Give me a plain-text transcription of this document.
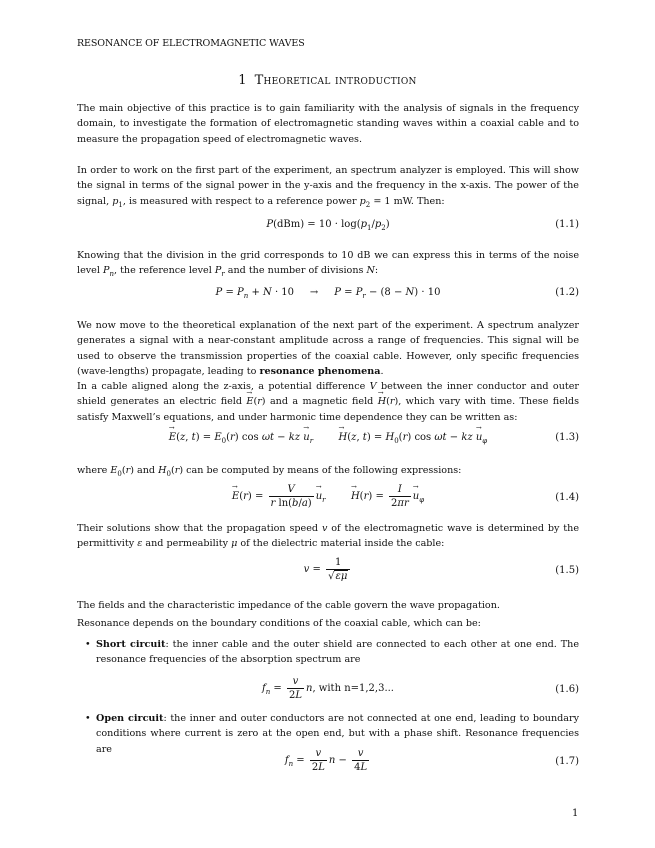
RESONANCE OF ELECTROMAGNETIC WAVES
1 Theoretical introduction

The main objective of this practice is to gain familiarity with the analysis of signals in the frequency domain, to investigate the formation of electromagnetic standing waves within a coaxial cable and to measure the propagation speed of electromagnetic waves.

In order to work on the first part of the experiment, an spectrum analyzer is employed. This will show the signal in terms of the signal power in the y-axis and the frequency in the x-axis. The power of the signal, $p_1$, is measured with respect to a reference power $p_2 = 1$ mW. Then:

$P(dBm) = 10 \cdot \log(p_1/p_2)$	(1.1)

Knowing that the division in the grid corresponds to 10 dB we can express this in terms of the noise level $P_n$, the reference level $P_r$ and the number of divisions N:

$P = P_n + N \cdot 10$     →     $P = P_r - (8 - N) \cdot 10$	(1.2)

We now move to the theoretical explanation of the next part of the experiment. A spectrum analyzer generates a signal with a near-constant amplitude across a range of frequencies. This signal will be used to observe the transmission properties of the coaxial cable. However, only specific frequencies (wave-lengths) propagate, leading to resonance phenomena.

In a cable aligned along the z-axis, a potential difference V between the inner conductor and outer shield generates an electric field → E(r) and a magnetic field → H(r), which vary with time. These fields satisfy Maxwell’s equations, and under harmonic time dependence they can be written as:

→ E(z, $t) = E_0(r)$ cos ωt − kz → $u_r$        →	H(z, $t) = H_0(r)$ cos ωt − kz → $u_\varphi$	(1.3)

where $E_0(r)$ and $H_0(r)$ can be computed by means of the following expressions:

→ $E(r) = \frac{V}{\text{r ln(b/a)}}$
→ $u_r$        →	$H(r) = \frac{I}{2\pi r}$
→ $u_\varphi$	(1.4)

Their solutions show that the propagation speed v of the electromagnetic wave is determined by the permittivity ε and permeability μ of the dielectric material inside the cable:

$v = \frac{1}{√\varepsilon\mu}$	(1.5)

The fields and the characteristic impedance of the cable govern the wave propagation.

Resonance depends on the boundary conditions of the coaxial cable, which can be:

• Short circuit: the inner cable and the outer shield are connected to each other at one end. The resonance frequencies of the absorption spectrum are

$f_n = \frac{v}{2L} n$, with n=1,2,3...	(1.6)

• Open circuit: the inner and outer conductors are not connected at one end, leading to boundary conditions where current is zero at the open end, but with a phase shift. Resonance frequencies are

$f_n = \frac{v}{2L}$ $n - \frac{v}{4L}$	(1.7)
1
